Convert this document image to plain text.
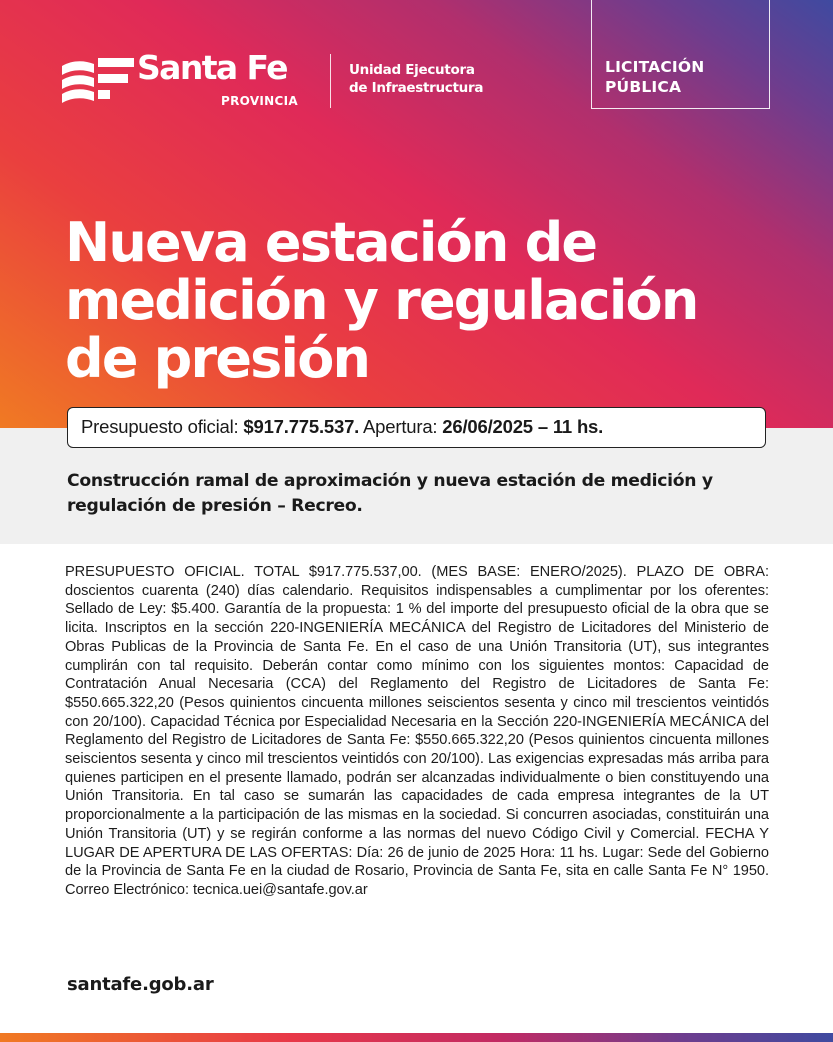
Santa Fe
PROVINCIA
Unidad Ejecutora
de Infraestructura
LICITACIÓN
PÚBLICA
Nueva estación de
medición y regulación
de presión
Presupuesto oficial: $917.775.537. Apertura: 26/06/2025 – 11 hs.
Construcción ramal de aproximación y nueva estación de medición y regulación de presión – Recreo.

PRESUPUESTO OFICIAL. TOTAL $917.775.537,00. (MES BASE: ENERO/2025). PLAZO DE OBRA: doscientos cuarenta (240) días calendario. Requisitos indispensables a cumplimentar por los oferentes: Sellado de Ley: $5.400. Garantía de la propuesta: 1 % del importe del presupuesto oficial de la obra que se licita. Inscriptos en la sección 220-INGENIERÍA MECÁNICA del Registro de Licitadores del Ministerio de Obras Publicas de la Provincia de Santa Fe. En el caso de una Unión Transitoria (UT), sus integrantes cumplirán con tal requisito. Deberán contar como mínimo con los siguientes montos: Capacidad de Contratación Anual Necesaria (CCA) del Reglamento del Registro de Licitadores de Santa Fe: $550.665.322,20 (Pesos quinientos cincuenta millones seiscientos sesenta y cinco mil trescientos veintidós con 20/100). Capacidad Técnica por Especialidad Necesaria en la Sección 220-INGENIERÍA MECÁNICA del Reglamento del Registro de Licitadores de Santa Fe: $550.665.322,20 (Pesos quinientos cincuenta millones seiscientos sesenta y cinco mil trescientos veintidós con 20/100). Las exigencias expresadas más arriba para quienes participen en el presente llamado, podrán ser alcanzadas individualmente o bien constituyendo una Unión Transitoria. En tal caso se sumarán las capacidades de cada empresa integrantes de la UT proporcionalmente a la participación de las mismas en la sociedad. Si concurren asociadas, constituirán una Unión Transitoria (UT) y se regirán conforme a las normas del nuevo Código Civil y Comercial. FECHA Y LUGAR DE APERTURA DE LAS OFERTAS: Día: 26 de junio de 2025 Hora: 11 hs. Lugar: Sede del Gobierno de la Provincia de Santa Fe en la ciudad de Rosario, Provincia de Santa Fe, sita en calle Santa Fe N° 1950. Correo Electrónico: tecnica.uei@santafe.gov.ar

santafe.gob.ar
